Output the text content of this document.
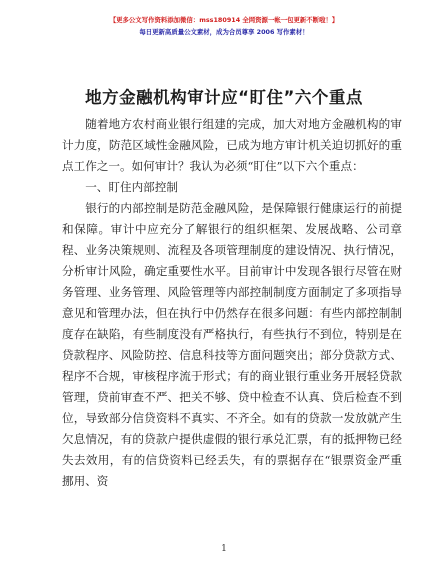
【更多公文写作资料添加微信：mss180914 全网资源一帐一包更新不断啦！】
每日更新高质量公文素材，成为合员尊享 2006 写作素材！
地方金融机构审计应“盯住”六个重点

随着地方农村商业银行组建的完成，加大对地方金融机构的审计力度，防范区域性金融风险，已成为地方审计机关迫切抓好的重点工作之一。如何审计？我认为必须“盯住”以下六个重点：

一、盯住内部控制

银行的内部控制是防范金融风险，是保障银行健康运行的前提和保障。审计中应充分了解银行的组织框架、发展战略、公司章程、业务决策规则、流程及各项管理制度的建设情况、执行情况，分析审计风险，确定重要性水平。目前审计中发现各银行尽管在财务管理、业务管理、风险管理等内部控制制度方面制定了多项指导意见和管理办法，但在执行中仍然存在很多问题：有些内部控制制度存在缺陷，有些制度没有严格执行，有些执行不到位，特别是在贷款程序、风险防控、信息科技等方面问题突出；部分贷款方式、程序不合规，审核程序流于形式；有的商业银行重业务开展轻贷款管理，贷前审查不严、把关不够、贷中检查不认真、贷后检查不到位，导致部分信贷资料不真实、不齐全。如有的贷款一发放就产生欠息情况，有的贷款户提供虚假的银行承兑汇票，有的抵押物已经失去效用，有的信贷资料已经丢失，有的票据存在“银票资金严重挪用、资

1
